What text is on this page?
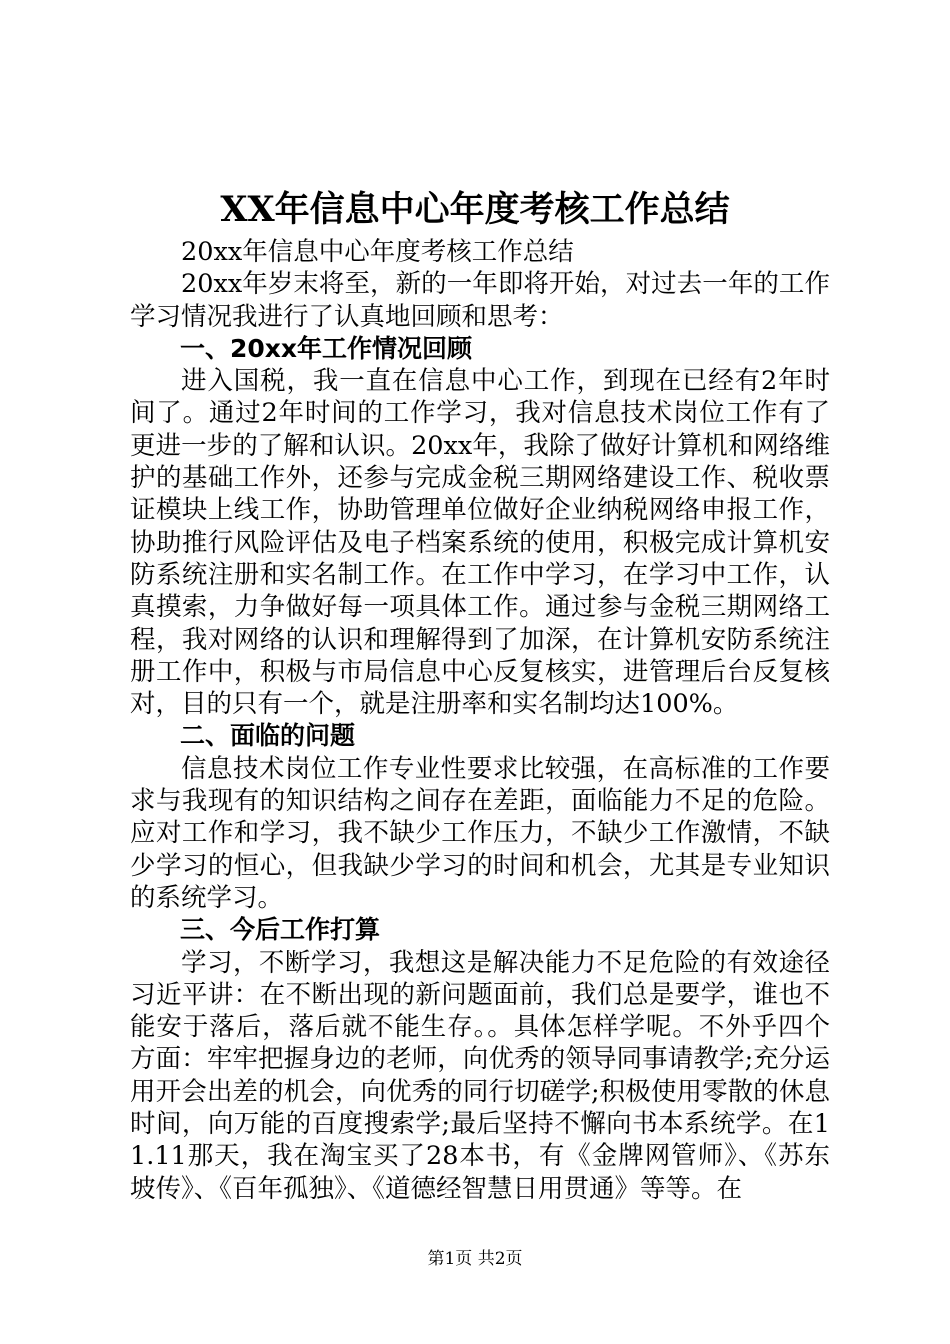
XX年信息中心年度考核工作总结

20xx年信息中心年度考核工作总结

20xx年岁末将至，新的一年即将开始，对过去一年的工作学习情况我进行了认真地回顾和思考：

一、20xx年工作情况回顾

进入国税，我一直在信息中心工作，到现在已经有2年时间了。通过2年时间的工作学习，我对信息技术岗位工作有了更进一步的了解和认识。20xx年，我除了做好计算机和网络维护的基础工作外，还参与完成金税三期网络建设工作、税收票证模块上线工作，协助管理单位做好企业纳税网络申报工作，协助推行风险评估及电子档案系统的使用，积极完成计算机安防系统注册和实名制工作。在工作中学习，在学习中工作，认真摸索，力争做好每一项具体工作。通过参与金税三期网络工程，我对网络的认识和理解得到了加深，在计算机安防系统注册工作中，积极与市局信息中心反复核实，进管理后台反复核对，目的只有一个，就是注册率和实名制均达100%。

二、面临的问题

信息技术岗位工作专业性要求比较强，在高标准的工作要求与我现有的知识结构之间存在差距，面临能力不足的危险。应对工作和学习，我不缺少工作压力，不缺少工作激情，不缺少学习的恒心，但我缺少学习的时间和机会，尤其是专业知识的系统学习。

三、今后工作打算

学习，不断学习，我想这是解决能力不足危险的有效途径习近平讲：在不断出现的新问题面前，我们总是要学，谁也不能安于落后，落后就不能生存。。具体怎样学呢。不外乎四个方面：牢牢把握身边的老师，向优秀的领导同事请教学;充分运用开会出差的机会，向优秀的同行切磋学;积极使用零散的休息时间，向万能的百度搜索学;最后坚持不懈向书本系统学。在11.11那天，我在淘宝买了28本书，有《金牌网管师》、《苏东坡传》、《百年孤独》、《道德经智慧日用贯通》等等。在

第1页 共2页
